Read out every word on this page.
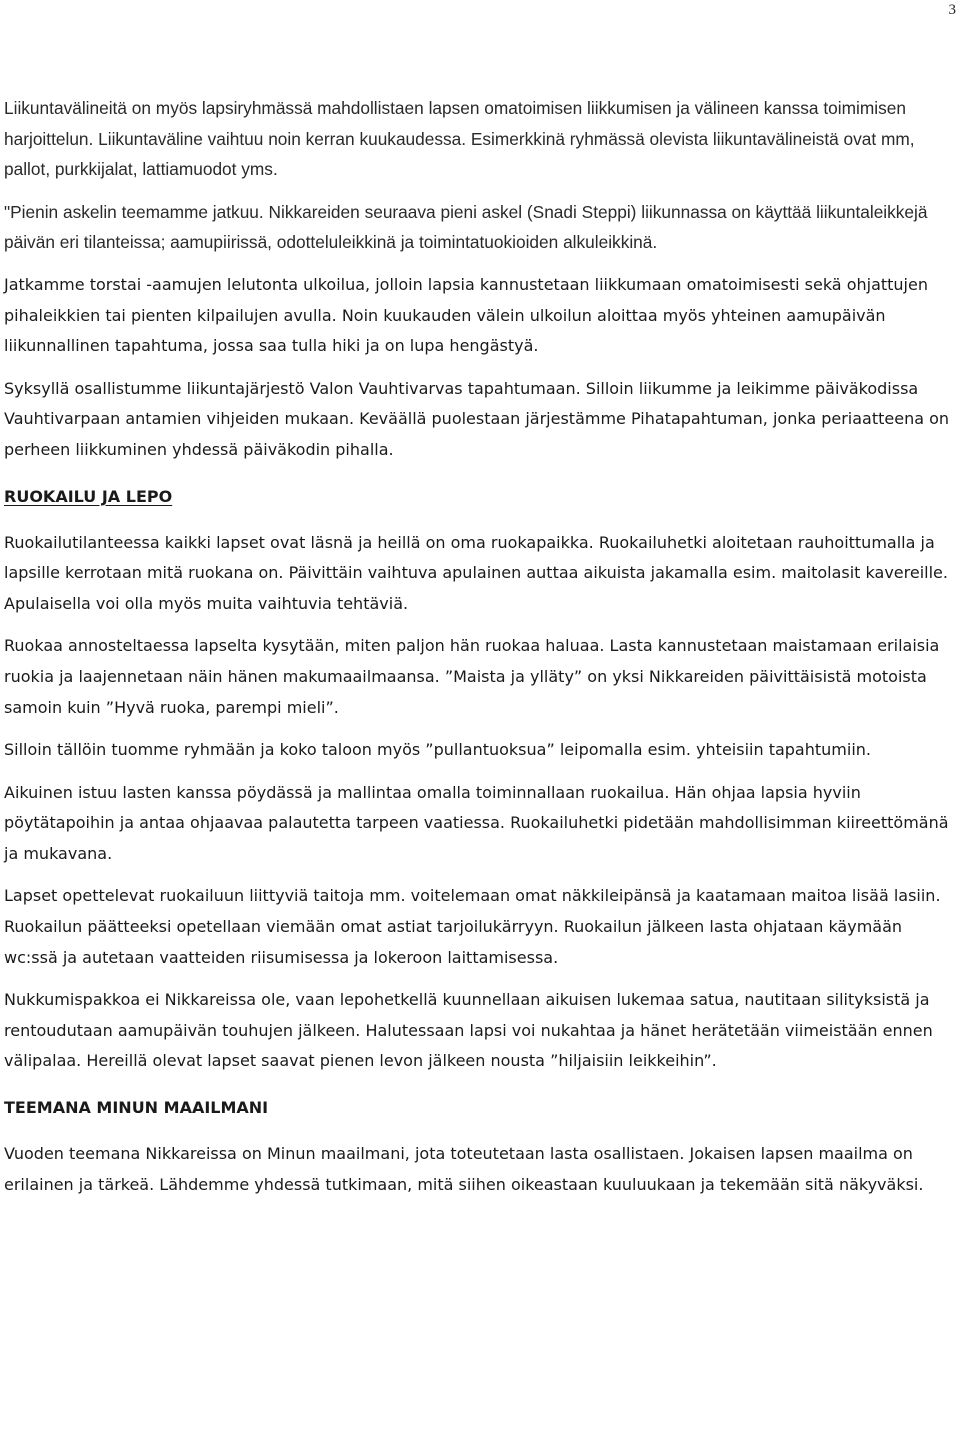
3

Liikuntavälineitä on myös lapsiryhmässä mahdollistaen lapsen omatoimisen liikkumisen ja välineen kanssa toimimisen harjoittelun. Liikuntaväline vaihtuu noin kerran kuukaudessa. Esimerkkinä ryhmässä olevista liikuntavälineistä ovat mm, pallot, purkkijalat, lattiamuodot yms.

"Pienin askelin teemamme jatkuu. Nikkareiden seuraava pieni askel (Snadi Steppi) liikunnassa on käyttää liikuntaleikkejä päivän eri tilanteissa; aamupiirissä, odotteluleikkinä ja toimintatuokioiden alkuleikkinä.

Jatkamme torstai -aamujen lelutonta ulkoilua, jolloin lapsia kannustetaan liikkumaan omatoimisesti sekä ohjattujen pihaleikkien tai pienten kilpailujen avulla. Noin kuukauden välein ulkoilun aloittaa myös yhteinen aamupäivän liikunnallinen tapahtuma, jossa saa tulla hiki ja on lupa hengästyä.

Syksyllä osallistumme liikuntajärjestö Valon Vauhtivarvas tapahtumaan. Silloin liikumme ja leikimme päiväkodissa Vauhtivarpaan antamien vihjeiden mukaan. Keväällä puolestaan järjestämme Pihatapahtuman, jonka periaatteena on perheen liikkuminen yhdessä päiväkodin pihalla.

RUOKAILU JA LEPO

Ruokailutilanteessa kaikki lapset ovat läsnä ja heillä on oma ruokapaikka. Ruokailuhetki aloitetaan rauhoittumalla ja lapsille kerrotaan mitä ruokana on. Päivittäin vaihtuva apulainen auttaa aikuista jakamalla esim. maitolasit kavereille. Apulaisella voi olla myös muita vaihtuvia tehtäviä.

Ruokaa annosteltaessa lapselta kysytään, miten paljon hän ruokaa haluaa. Lasta kannustetaan maistamaan erilaisia ruokia ja laajennetaan näin hänen makumaailmaansa. ”Maista ja ylläty” on yksi Nikkareiden päivittäisistä motoista samoin kuin ”Hyvä ruoka, parempi mieli”.

Silloin tällöin tuomme ryhmään ja koko taloon myös ”pullantuoksua” leipomalla esim. yhteisiin tapahtumiin.

Aikuinen istuu lasten kanssa pöydässä ja mallintaa omalla toiminnallaan ruokailua. Hän ohjaa lapsia hyviin pöytätapoihin ja antaa ohjaavaa palautetta tarpeen vaatiessa. Ruokailuhetki pidetään mahdollisimman kiireettömänä ja mukavana.

Lapset opettelevat ruokailuun liittyviä taitoja mm. voitelemaan omat näkkileipänsä ja kaatamaan maitoa lisää lasiin. Ruokailun päätteeksi opetellaan viemään omat astiat tarjoilukärryyn. Ruokailun jälkeen lasta ohjataan käymään wc:ssä ja autetaan vaatteiden riisumisessa ja lokeroon laittamisessa.

Nukkumispakkoa ei Nikkareissa ole, vaan lepohetkellä kuunnellaan aikuisen lukemaa satua, nautitaan silityksistä ja rentoudutaan aamupäivän touhujen jälkeen. Halutessaan lapsi voi nukahtaa ja hänet herätetään viimeistään ennen välipalaa. Hereillä olevat lapset saavat pienen levon jälkeen nousta ”hiljaisiin leikkeihin”.

TEEMANA MINUN MAAILMANI

Vuoden teemana Nikkareissa on Minun maailmani, jota toteutetaan lasta osallistaen. Jokaisen lapsen maailma on erilainen ja tärkeä. Lähdemme yhdessä tutkimaan, mitä siihen oikeastaan kuuluukaan ja tekemään sitä näkyväksi.
